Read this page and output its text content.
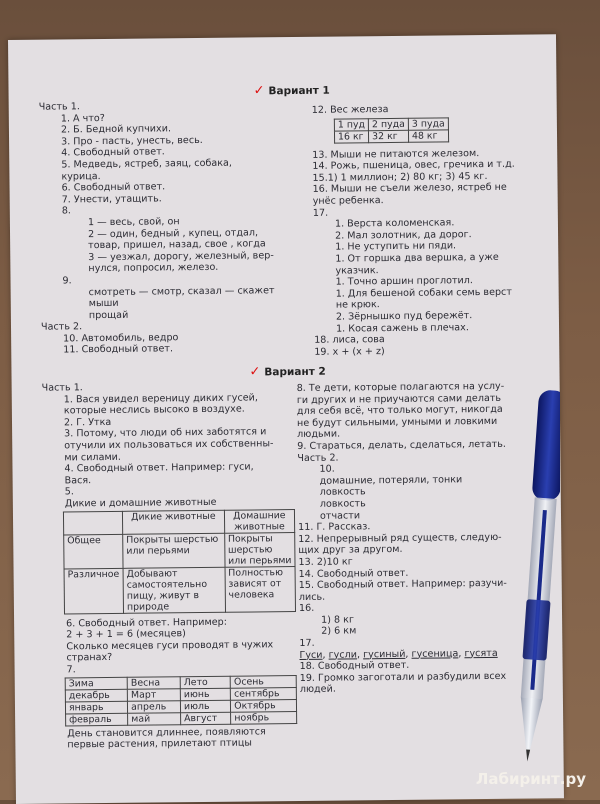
✓ Вариант 1
Часть 1.
1. А что?
2. Б. Бедной купчихи.
3. Про - пасть, унесть, весь.
4. Свободный ответ.
5. Медведь, ястреб, заяц, собака,
курица.
6. Свободный ответ.
7. Унести, утащить.
8.
1 — весь, свой, он
2 — один, бедный , купец, отдал,
товар, пришел, назад, свое , когда
3 — уезжал, дорогу, железный, вер-
нулся, попросил, железо.
9.
смотреть — смотр, сказал — скажет
мыши
прощай
Часть 2.
10. Автомобиль, ведро
11. Свободный ответ.
12. Вес железа
1 пуд	2 пуда	3 пуда
16 кг	32 кг	48 кг
13. Мыши не питаются железом.
14. Рожь, пшеница, овес, гречика и т.д.
15.1) 1 миллион; 2) 80 кг; 3) 45 кг.
16. Мыши не съели железо, ястреб не
унёс ребенка.
17.
1. Верста коломенская.
2. Мал золотник, да дорог.
1. Не уступить ни пяди.
1. От горшка два вершка, а уже
указчик.
1. Точно аршин проглотил.
1. Для бешеной собаки семь верст
не крюк.
2. Зёрнышко пуд бережёт.
1. Косая сажень в плечах.
18. лиса, сова
19. x + (x + z)
✓ Вариант 2
Часть 1.
1. Вася увидел вереницу диких гусей,
которые неслись высоко в воздухе.
2. Г. Утка
3. Потому, что люди об них заботятся и
отучили их пользоваться их собственны-
ми силами.
4. Свободный ответ. Например: гуси,
Вася.
5.
Дикие и домашние животные
	Дикие животные	Домашние животные
Общее	Покрыты шерстью или перьями	Покрыты шерстью или перьями
Различное	Добывают самостоятельно пищу, живут в природе	Полностью зависят от человека
6. Свободный ответ. Например:
2 + 3 + 1 = 6 (месяцев)
Сколько месяцев гуси проводят в чужих
странах?
7.
Зима	Весна	Лето	Осень
декабрь	Март	июнь	сентябрь
январь	апрель	июль	Октябрь
февраль	май	Август	ноябрь
День становится длиннее, появляются
первые растения, прилетают птицы
8. Те дети, которые полагаются на услу-
ги других и не приучаются сами делать
для себя всё, что только могут, никогда
не будут сильными, умными и ловкими
людьми.
9. Стараться, делать, сделаться, летать.
Часть 2.
10.
домашние, потеряли, тонки
ловкость
ловкость
отчасти
11. Г. Рассказ.
12. Непрерывный ряд существ, следую-
щих друг за другом.
13. 2)10 кг
14. Свободный ответ.
15. Свободный ответ. Например: разучи-
лись.
16.
1) 8 кг
2) 6 км
17.
Гуси, гусли, гусиный, гусеница, гусята
18. Свободный ответ.
19. Громко загоготали и разбудили всех
людей.
Лабиринт.ру
